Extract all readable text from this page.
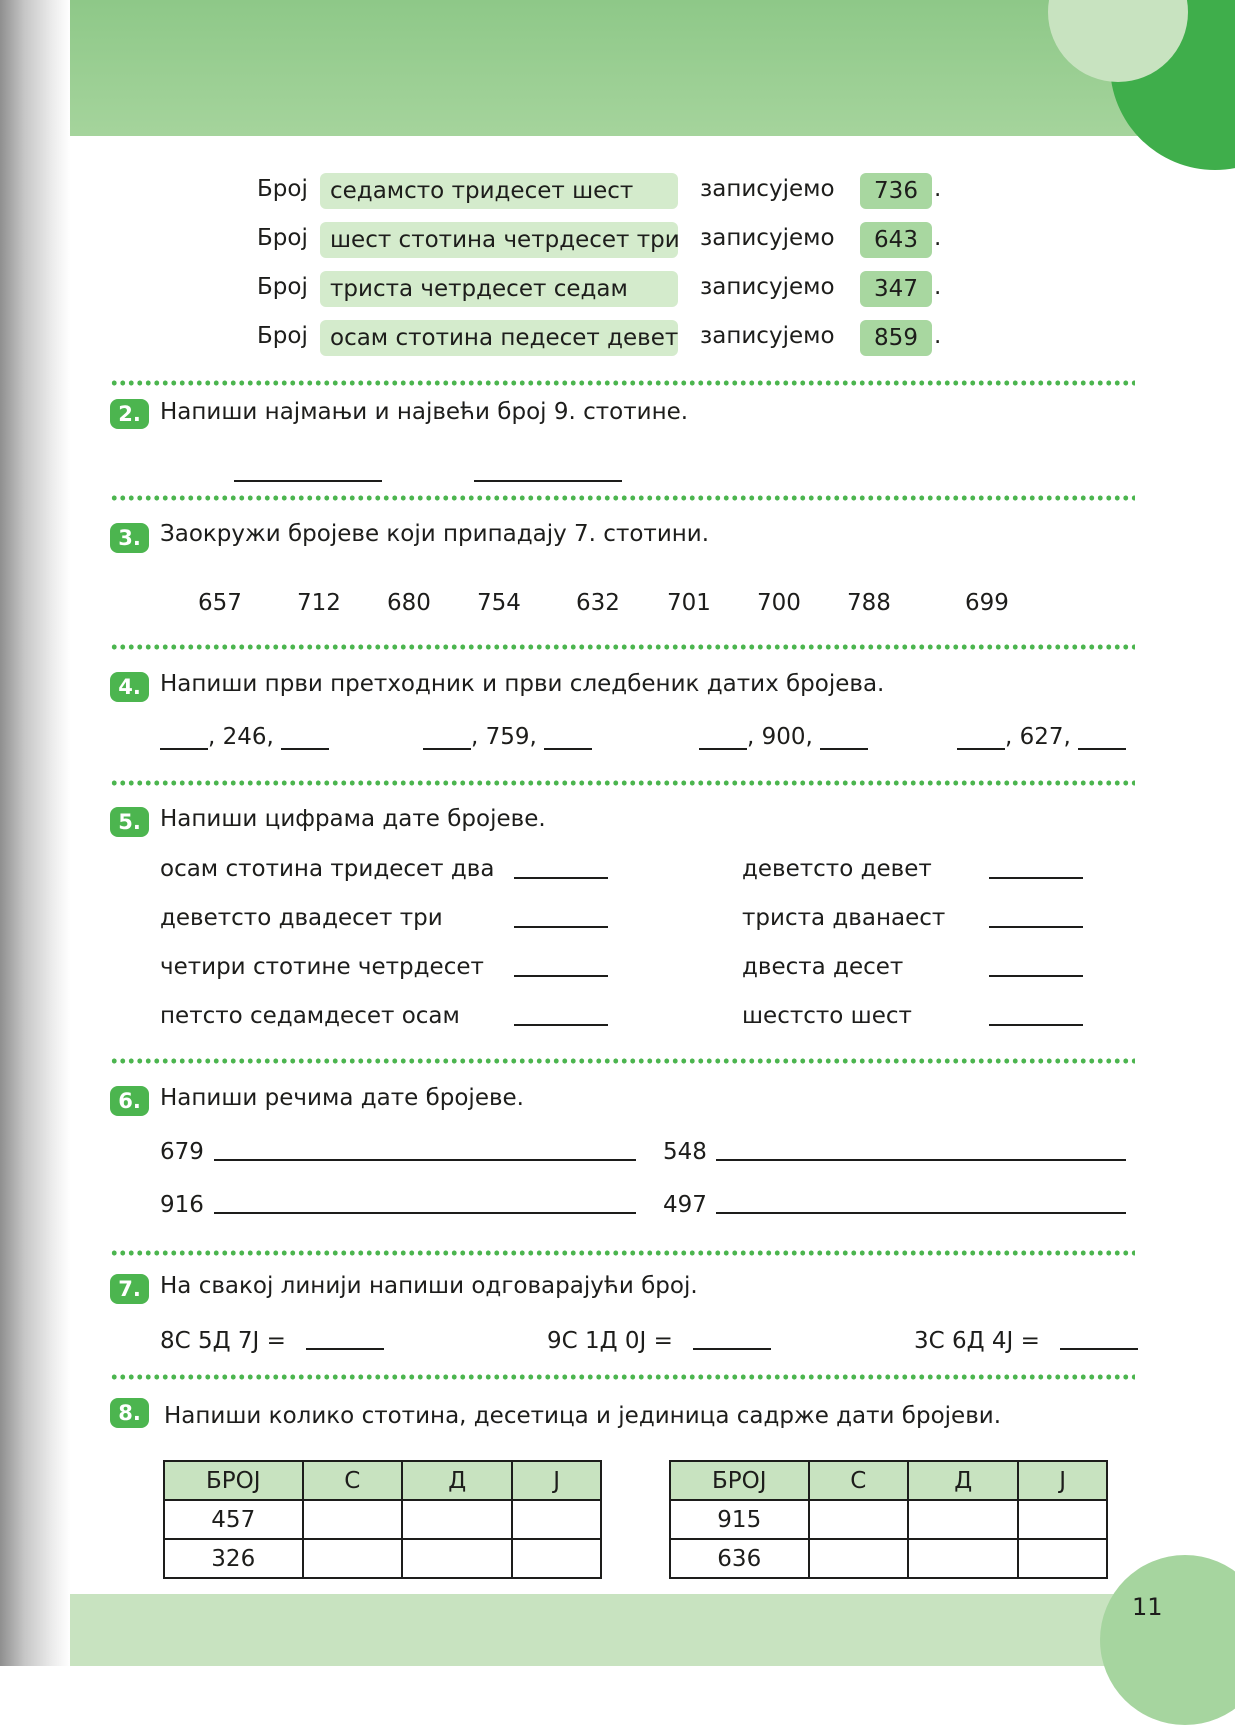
11
Број седамсто тридесет шест	записујемо	736 .
Број шест стотина четрдесет три записујемо	643 .
Број триста четрдесет седам	записујемо	347 .
Број осам стотина педесет девет записујемо	859 .
2. Напиши најмањи и највећи број 9. стотине.
3. Заокружи бројеве који припадају 7. стотини.
657 712 680 754 632 701 700 788	699
4. Напиши први претходник и први следбеник датих бројева.
,
246 ,
	,
759 ,
	,
900 ,
	,
627 ,

5. Напиши цифрама дате бројеве.
осам стотина тридесет два	деветсто девет
деветсто двадесет три	триста дванаест
четири стотине четрдесет	двеста десет
петсто седамдесет осам	шестсто шест
6. Напиши речима дате бројеве.
679	548
916	497
7. На свакој линији напиши одговарајући број.
8С 5Д 7Ј =	9С 1Д 0Ј =	3С 6Д 4Ј =
8.	Напиши колико стотина, десетица и јединица садрже дати бројеви.
БРОЈ	С	Д	Ј
457			
326			
БРОЈ	С	Д	Ј
915			
636			
